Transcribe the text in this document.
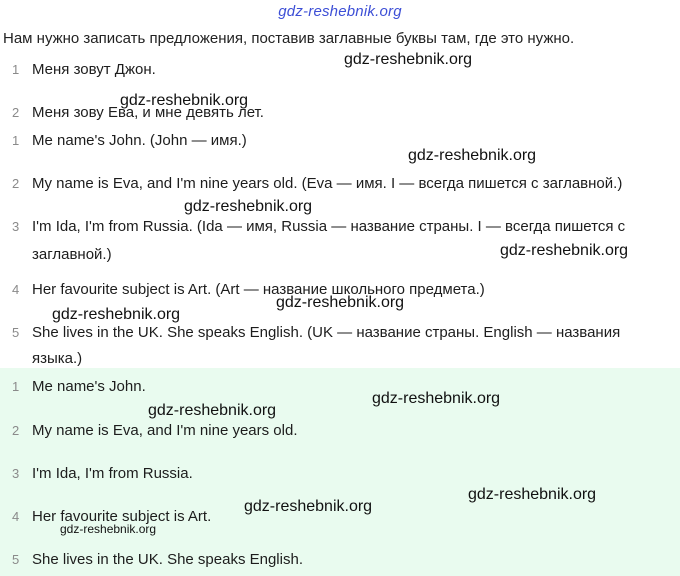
gdz-reshebnik.org
Нам нужно записать предложения, поставив заглавные буквы там, где это нужно.
1 Меня зовут Джон.
2 Меня зову Ева, и мне девять лет.
1 Me name's John. (John — имя.)
2 My name is Eva, and I'm nine years old. (Eva — имя. I — всегда пишется с заглавной.)
3 I'm Ida, I'm from Russia. (Ida — имя, Russia — название страны. I — всегда пишется с
заглавной.)
4 Her favourite subject is Art. (Art — название школьного предмета.)
5 She lives in the UK. She speaks English. (UK — название страны. English — названия
языка.)
1 Me name's John.
2 My name is Eva, and I'm nine years old.
3 I'm Ida, I'm from Russia.
4 Her favourite subject is Art.
5 She lives in the UK. She speaks English.
gdz-reshebnik.org
gdz-reshebnik.org
gdz-reshebnik.org
gdz-reshebnik.org
gdz-reshebnik.org
gdz-reshebnik.org
gdz-reshebnik.org
gdz-reshebnik.org
gdz-reshebnik.org
gdz-reshebnik.org
gdz-reshebnik.org
gdz-reshebnik.org
